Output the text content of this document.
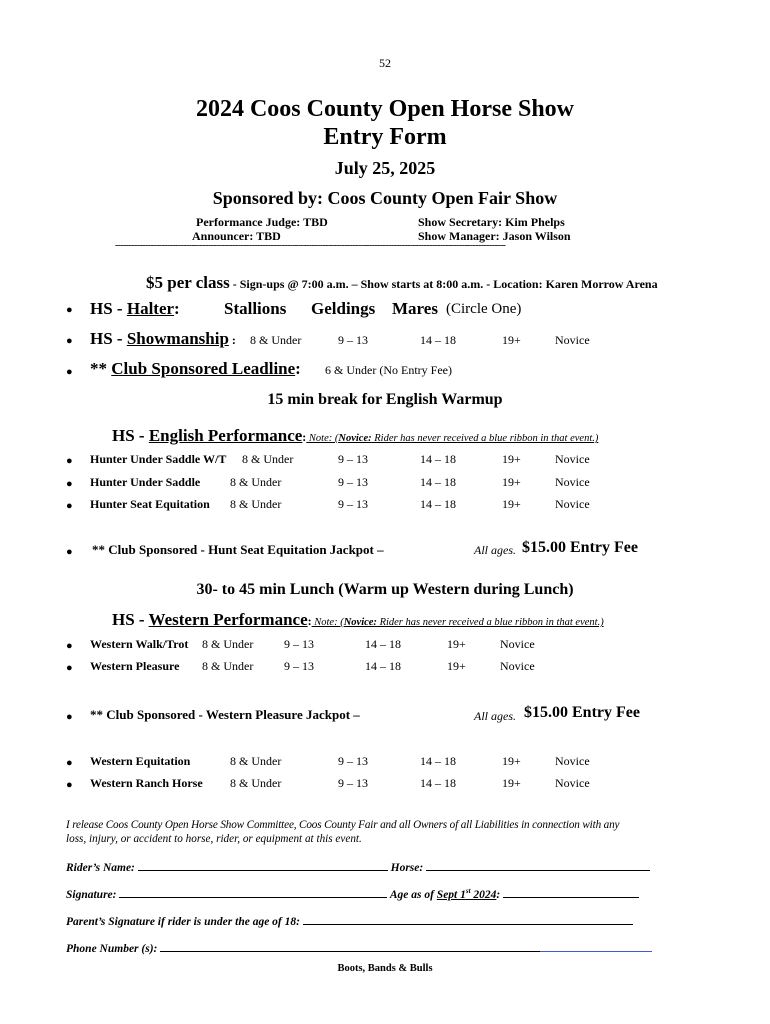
52
2024 Coos County Open Horse Show
Entry Form
July 25, 2025
Sponsored by: Coos County Open Fair Show
Performance Judge: TBD
Announcer: TBD
Show Secretary: Kim Phelps
Show Manager: Jason Wilson
-----------------------------------------------------------------------------------------------------------------------------------------------
$5 per class - Sign-ups @ 7:00 a.m. – Show starts at 8:00 a.m. - Location: Karen Morrow Arena
● HS - Halter:	Stallions Geldings Mares (Circle One)
● HS - Showmanship : 8 & Under	9 – 13	14 – 18	19+	Novice
● ** Club Sponsored Leadline: 6 & Under (No Entry Fee)
15 min break for English Warmup
HS - English Performance: Note: (Novice: Rider has never received a blue ribbon in that event.)
● Hunter Under Saddle W/T 8 & Under	9 – 13	14 – 18	19+	Novice
● Hunter Under Saddle 8 & Under	9 – 13	14 – 18	19+	Novice
● Hunter Seat Equitation 8 & Under	9 – 13	14 – 18	19+	Novice
● ** Club Sponsored - Hunt Seat Equitation Jackpot –	All ages. $15.00 Entry Fee
30- to 45 min Lunch (Warm up Western during Lunch)
HS - Western Performance: Note: (Novice: Rider has never received a blue ribbon in that event.)
● Western Walk/Trot 8 & Under	9 – 13	14 – 18	19+	Novice
● Western Pleasure 8 & Under	9 – 13	14 – 18	19+	Novice
● ** Club Sponsored - Western Pleasure Jackpot –	All ages. $15.00 Entry Fee
● Western Equitation	8 & Under	9 – 13	14 – 18	19+	Novice
● Western Ranch Horse 8 & Under	9 – 13	14 – 18	19+	Novice
I release Coos County Open Horse Show Committee, Coos County Fair and all Owners of all Liabilities in connection with any
loss, injury, or accident to horse, rider, or equipment at this event.
Rider’s Name:	Horse:
Signature:	Age as of Sept 1st 2024:
Parent’s Signature if rider is under the age of 18:
Phone Number (s):
Boots, Bands & Bulls
